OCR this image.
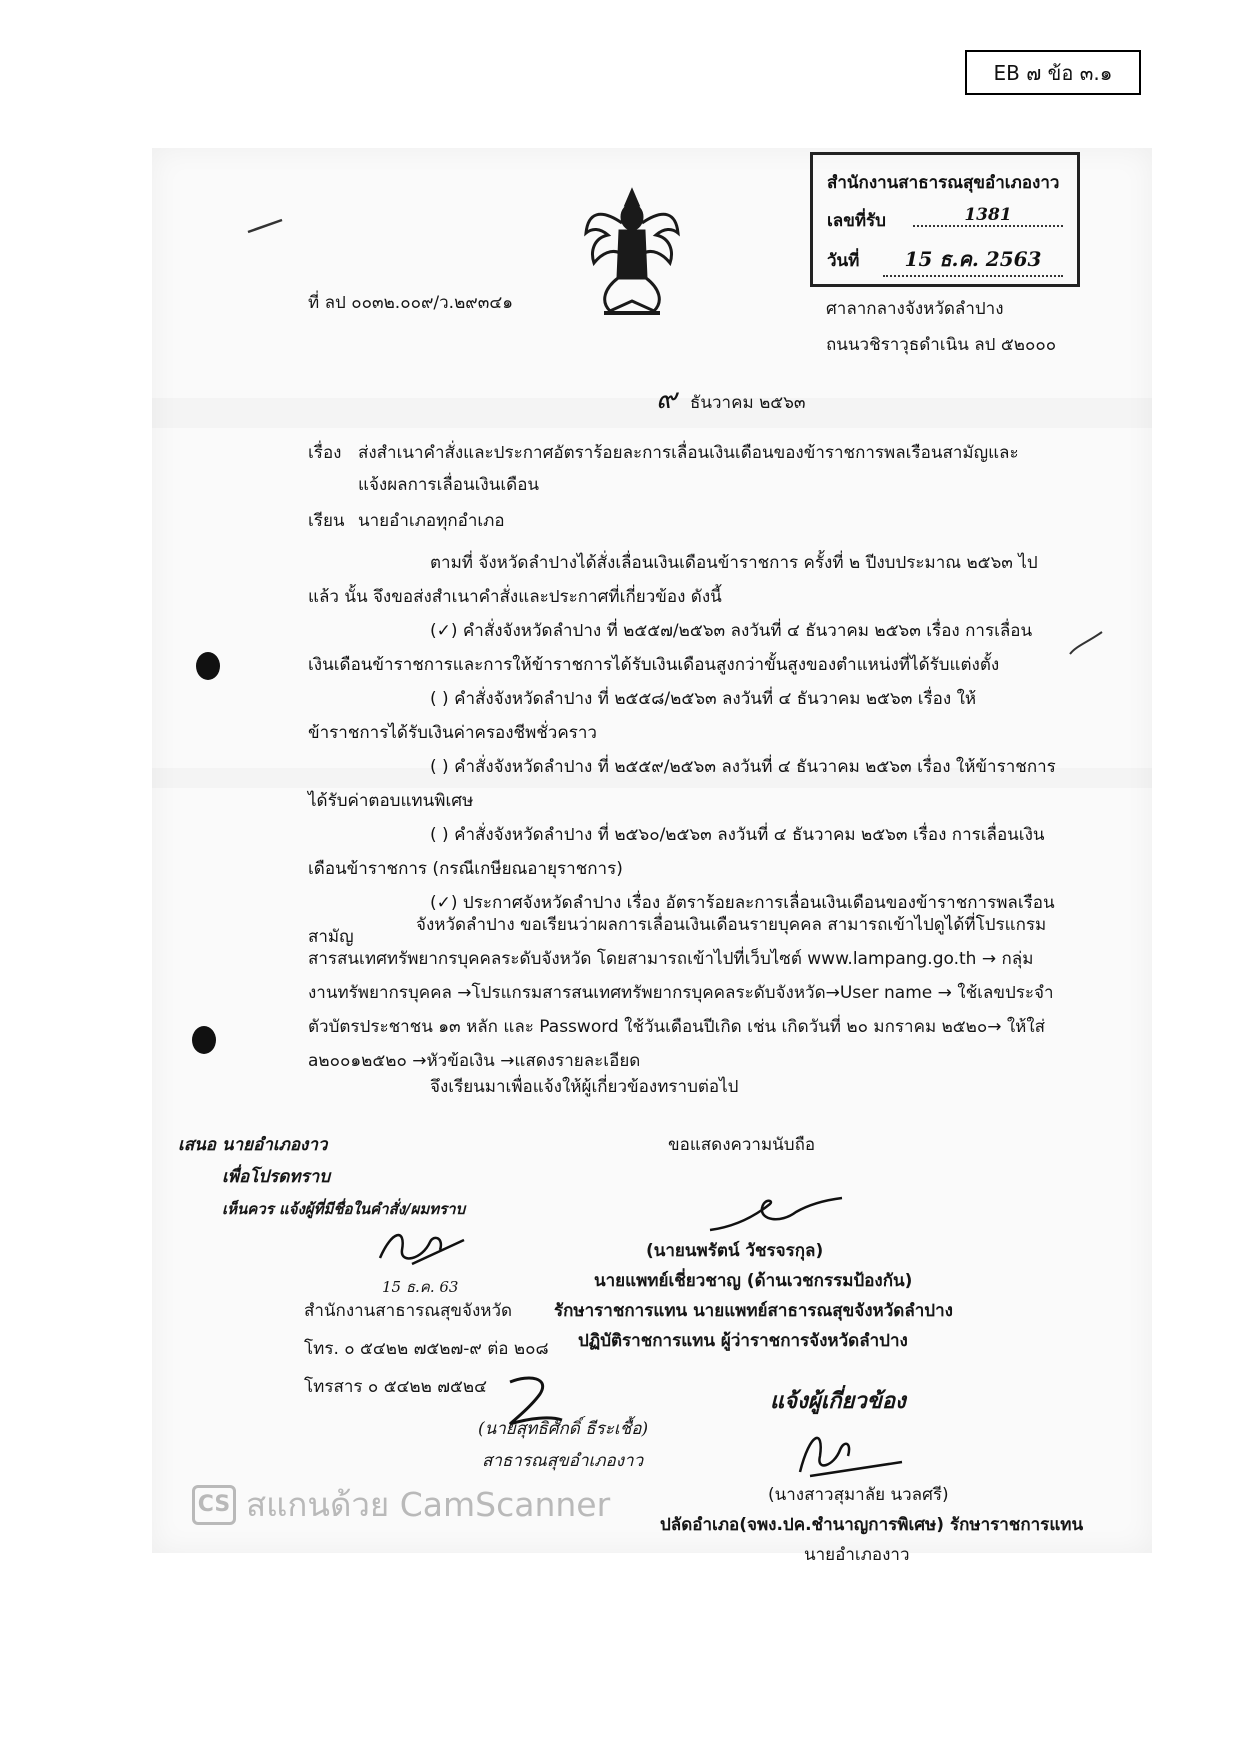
EB ๗ ข้อ ๓.๑
สำนักงานสาธารณสุขอำเภองาว
เลขที่รับ	1381
วันที่	15 ธ.ค. 2563
ที่ ลป ๐๐๓๒.๐๐๙/ว.๒๙๓๔๑	ศาลากลางจังหวัดลำปาง
ถนนวชิราวุธดำเนิน ลป ๕๒๐๐๐
๙ ธันวาคม ๒๕๖๓
เรื่อง ส่งสำเนาคำสั่งและประกาศอัตราร้อยละการเลื่อนเงินเดือนของข้าราชการพลเรือนสามัญและ
แจ้งผลการเลื่อนเงินเดือน
เรียน นายอำเภอทุกอำเภอ
ตามที่ จังหวัดลำปางได้สั่งเลื่อนเงินเดือนข้าราชการ ครั้งที่ ๒ ปีงบประมาณ ๒๕๖๓ ไปแล้ว นั้น จึงขอส่งสำเนาคำสั่งและประกาศที่เกี่ยวข้อง ดังนี้
(✓) คำสั่งจังหวัดลำปาง ที่ ๒๕๕๗/๒๕๖๓ ลงวันที่ ๔ ธันวาคม ๒๕๖๓ เรื่อง การเลื่อนเงินเดือนข้าราชการและการให้ข้าราชการได้รับเงินเดือนสูงกว่าขั้นสูงของตำแหน่งที่ได้รับแต่งตั้ง
( ) คำสั่งจังหวัดลำปาง ที่ ๒๕๕๘/๒๕๖๓ ลงวันที่ ๔ ธันวาคม ๒๕๖๓ เรื่อง ให้ข้าราชการได้รับเงินค่าครองชีพชั่วคราว
( ) คำสั่งจังหวัดลำปาง ที่ ๒๕๕๙/๒๕๖๓ ลงวันที่ ๔ ธันวาคม ๒๕๖๓ เรื่อง ให้ข้าราชการได้รับค่าตอบแทนพิเศษ
( ) คำสั่งจังหวัดลำปาง ที่ ๒๕๖๐/๒๕๖๓ ลงวันที่ ๔ ธันวาคม ๒๕๖๓ เรื่อง การเลื่อนเงินเดือนข้าราชการ (กรณีเกษียณอายุราชการ)
(✓) ประกาศจังหวัดลำปาง เรื่อง อัตราร้อยละการเลื่อนเงินเดือนของข้าราชการพลเรือนสามัญ
จังหวัดลำปาง ขอเรียนว่าผลการเลื่อนเงินเดือนรายบุคคล สามารถเข้าไปดูได้ที่โปรแกรมสารสนเทศทรัพยากรบุคคลระดับจังหวัด โดยสามารถเข้าไปที่เว็บไซต์ www.lampang.go.th → กลุ่มงานทรัพยากรบุคคล →โปรแกรมสารสนเทศทรัพยากรบุคคลระดับจังหวัด→User name → ใช้เลขประจำตัวบัตรประชาชน ๑๓ หลัก และ Password ใช้วันเดือนปีเกิด เช่น เกิดวันที่ ๒๐ มกราคม ๒๕๒๐→ ให้ใส่ a๒๐๐๑๒๕๒๐ →หัวข้อเงิน →แสดงรายละเอียด
จึงเรียนมาเพื่อแจ้งให้ผู้เกี่ยวข้องทราบต่อไป
ขอแสดงความนับถือ
เสนอ นายอำเภองาว
เพื่อโปรดทราบ
เห็นควร แจ้งผู้ที่มีชื่อในคำสั่ง/ผมทราบ
15 ธ.ค. 63
สำนักงานสาธารณสุขจังหวัด
โทร. ๐ ๕๔๒๒ ๗๕๒๗-๙ ต่อ ๒๐๘
โทรสาร ๐ ๕๔๒๒ ๗๕๒๔
(นายสุทธิศักดิ์ ธีระเชื้อ)
สาธารณสุขอำเภองาว
(นายนพรัตน์ วัชรจรกุล)
นายแพทย์เชี่ยวชาญ (ด้านเวชกรรมป้องกัน)
รักษาราชการแทน นายแพทย์สาธารณสุขจังหวัดลำปาง
ปฏิบัติราชการแทน ผู้ว่าราชการจังหวัดลำปาง
แจ้งผู้เกี่ยวข้อง
(นางสาวสุมาลัย นวลศรี)
ปลัดอำเภอ(จพง.ปค.ชำนาญการพิเศษ) รักษาราชการแทน
นายอำเภองาว
CS สแกนด้วย CamScanner
